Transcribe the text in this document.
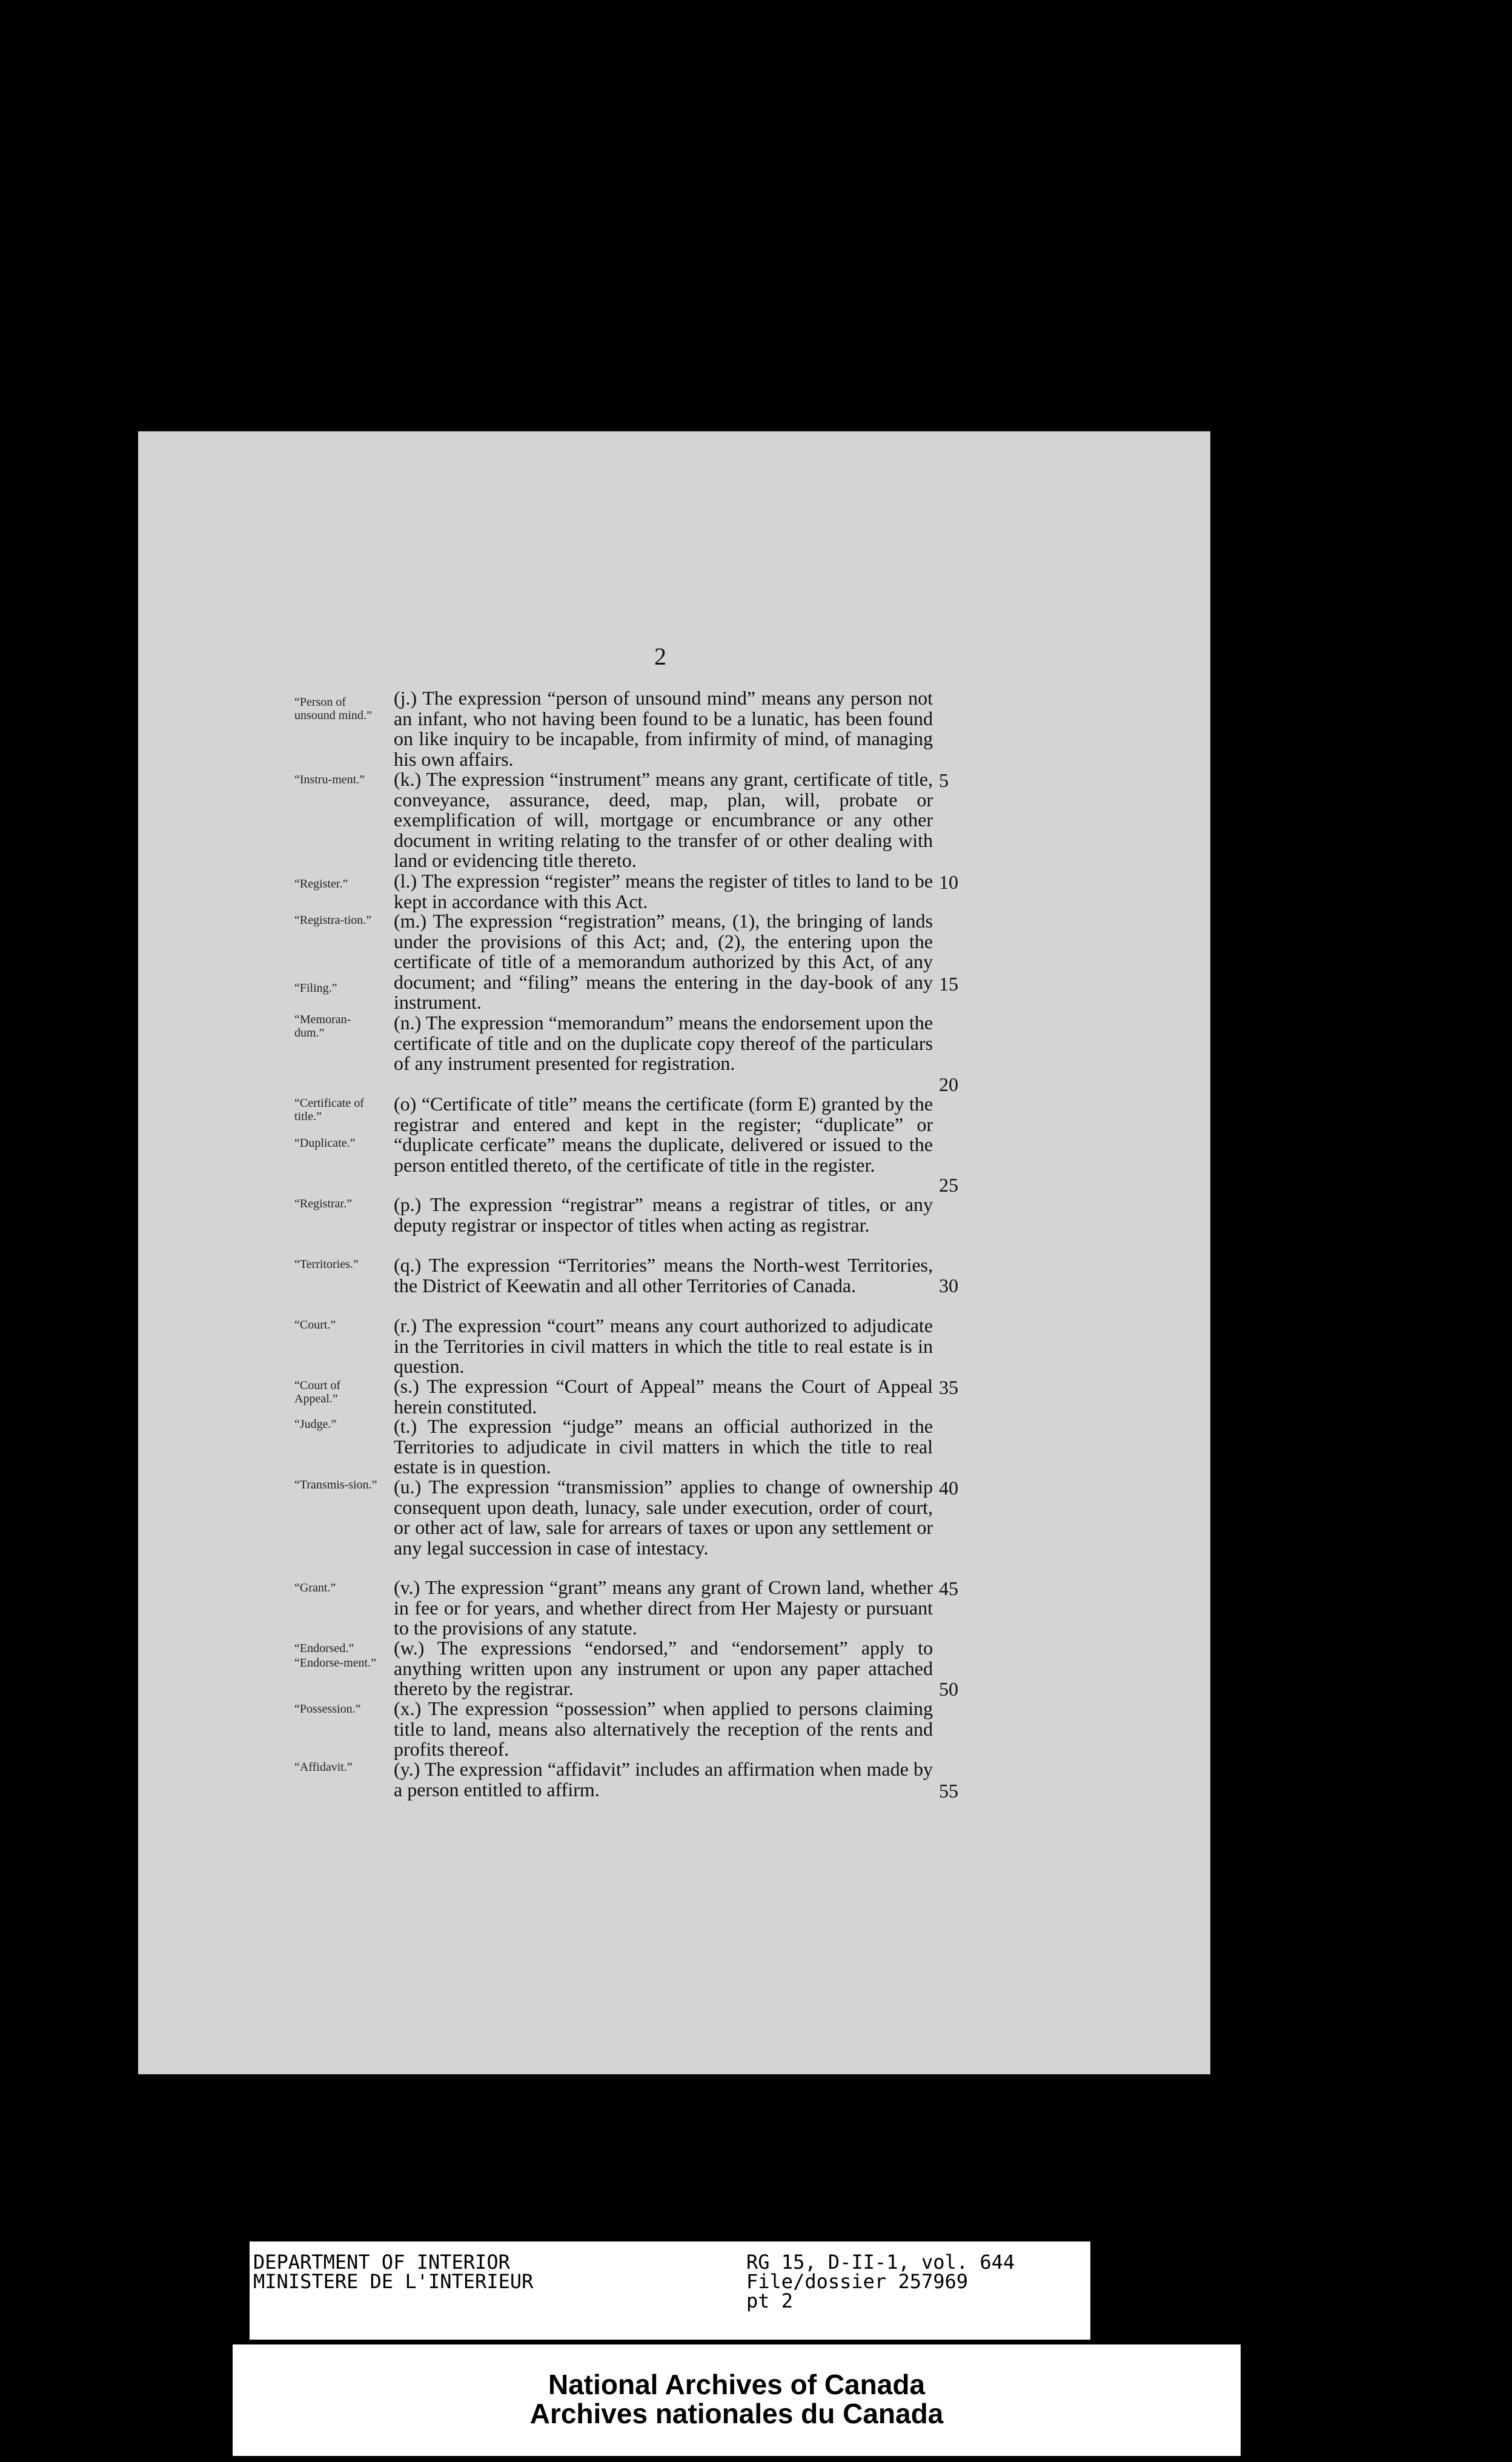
2
“Person of unsound mind.”
“Instru-ment.”
“Register.”
“Registra-tion.”
“Filing.”
“Memoran-dum.”
“Certificate of title.”
“Duplicate.”
“Registrar.”
“Territories.”
“Court.”
“Court of Appeal.”
“Judge.”
“Transmis-sion.”
“Grant.”
“Endorsed.”
“Endorse-ment.”
“Possession.”
“Affidavit.”
(j.) The expression “person of unsound mind” means any person not an infant, who not having been found to be a lunatic, has been found on like inquiry to be incapable, from infirmity of mind, of managing his own affairs.
(k.) The expression “instrument” means any grant, certificate of title, conveyance, assurance, deed, map, plan, will, probate or exemplification of will, mortgage or encumbrance or any other document in writing relating to the transfer of or other dealing with land or evidencing title thereto.
(l.) The expression “register” means the register of titles to land to be kept in accordance with this Act.
(m.) The expression “registration” means, (1), the bringing of lands under the provisions of this Act; and, (2), the entering upon the certificate of title of a memorandum authorized by this Act, of any document; and “filing” means the entering in the day-book of any instrument.
(n.) The expression “memorandum” means the endorsement upon the certificate of title and on the duplicate copy thereof of the particulars of any instrument presented for registration.
(o) “Certificate of title” means the certificate (form E) granted by the registrar and entered and kept in the register; “duplicate” or “duplicate cerficate” means the duplicate, delivered or issued to the person entitled thereto, of the certificate of title in the register.
(p.) The expression “registrar” means a registrar of titles, or any deputy registrar or inspector of titles when acting as registrar.
(q.) The expression “Territories” means the North-west Territories, the District of Keewatin and all other Territories of Canada.
(r.) The expression “court” means any court authorized to adjudicate in the Territories in civil matters in which the title to real estate is in question.
(s.) The expression “Court of Appeal” means the Court of Appeal herein constituted.
(t.) The expression “judge” means an official authorized in the Territories to adjudicate in civil matters in which the title to real estate is in question.
(u.) The expression “transmission” applies to change of ownership consequent upon death, lunacy, sale under execution, order of court, or other act of law, sale for arrears of taxes or upon any settlement or any legal succession in case of intestacy.
(v.) The expression “grant” means any grant of Crown land, whether in fee or for years, and whether direct from Her Majesty or pursuant to the provisions of any statute.
(w.) The expressions “endorsed,” and “endorsement” apply to anything written upon any instrument or upon any paper attached thereto by the registrar.
(x.) The expression “possession” when applied to persons claiming title to land, means also alternatively the reception of the rents and profits thereof.
(y.) The expression “affidavit” includes an affirmation when made by a person entitled to affirm.
5
10
15
20
25
30
35
40
45
50
55
DEPARTMENT OF INTERIOR
MINISTERE DE L'INTERIEUR
RG 15, D-II-1, vol. 644
File/dossier 257969
pt 2
National Archives of Canada
Archives nationales du Canada
